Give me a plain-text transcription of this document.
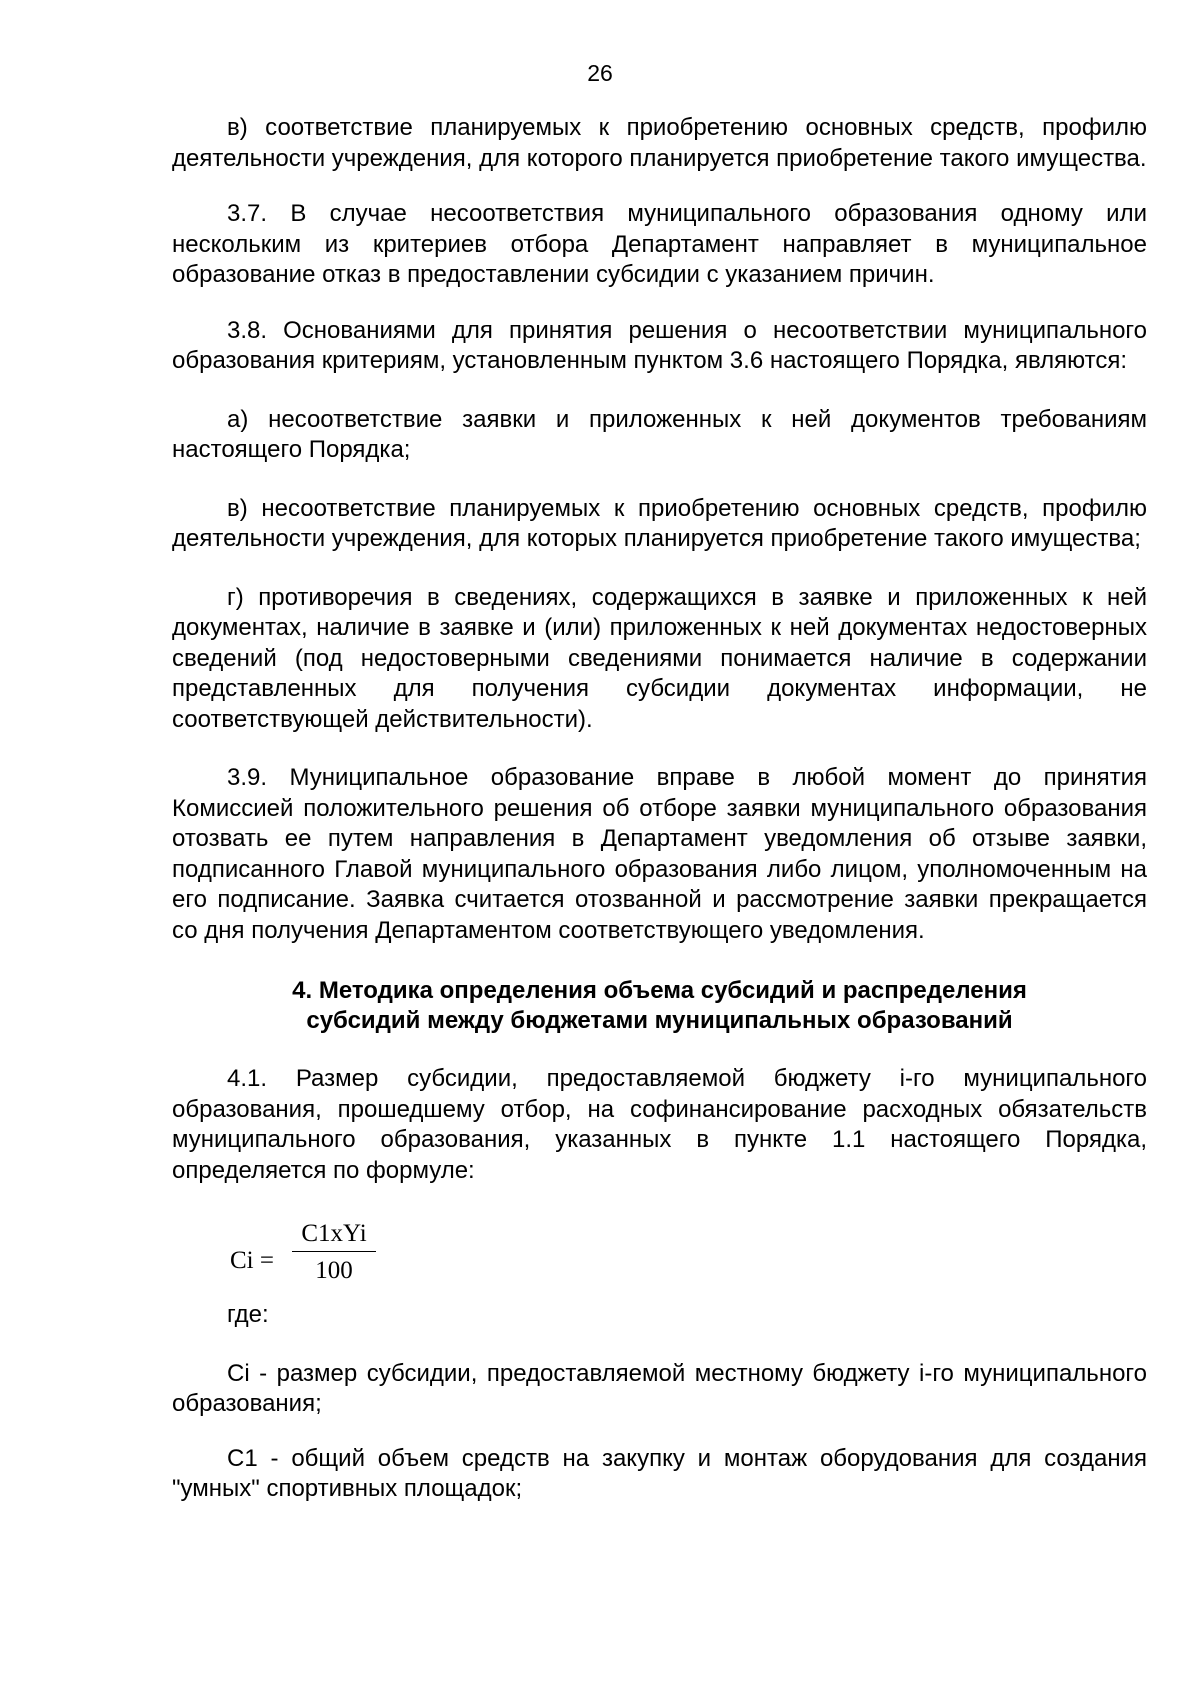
26

в) соответствие планируемых к приобретению основных средств, профилю деятельности учреждения, для которого планируется приобретение такого имущества.

3.7. В случае несоответствия муниципального образования одному или нескольким из критериев отбора Департамент направляет в муниципальное образование отказ в предоставлении субсидии с указанием причин.

3.8. Основаниями для принятия решения о несоответствии муниципального образования критериям, установленным пунктом 3.6 настоящего Порядка, являются:

а) несоответствие заявки и приложенных к ней документов требованиям настоящего Порядка;

в) несоответствие планируемых к приобретению основных средств, профилю деятельности учреждения, для которых планируется приобретение такого имущества;

г) противоречия в сведениях, содержащихся в заявке и приложенных к ней документах, наличие в заявке и (или) приложенных к ней документах недостоверных сведений (под недостоверными сведениями понимается наличие в содержании представленных для получения субсидии документах информации, не соответствующей действительности).

3.9. Муниципальное образование вправе в любой момент до принятия Комиссией положительного решения об отборе заявки муниципального образования отозвать ее путем направления в Департамент уведомления об отзыве заявки, подписанного Главой муниципального образования либо лицом, уполномоченным на его подписание. Заявка считается отозванной и рассмотрение заявки прекращается со дня получения Департаментом соответствующего уведомления.

4. Методика определения объема субсидий и распределения
субсидий между бюджетами муниципальных образований

4.1. Размер субсидии, предоставляемой бюджету i-го муниципального образования, прошедшему отбор, на софинансирование расходных обязательств муниципального образования, указанных в пункте 1.1 настоящего Порядка, определяется по формуле:

Ci =
C1xYi
100

где:

Ci - размер субсидии, предоставляемой местному бюджету i-го муниципального образования;

C1 - общий объем средств на закупку и монтаж оборудования для создания "умных" спортивных площадок;
